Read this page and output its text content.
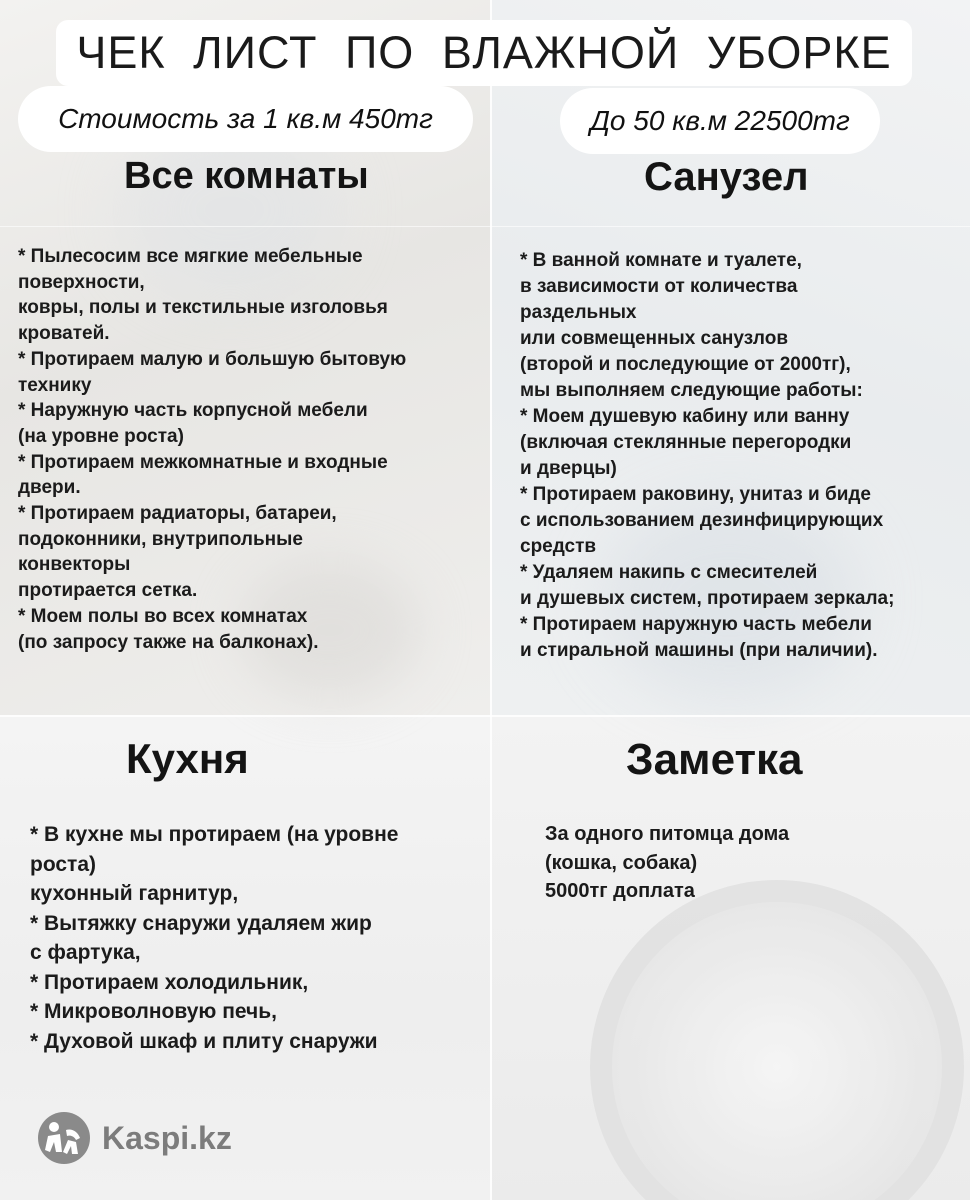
ЧЕК ЛИСТ ПО ВЛАЖНОЙ УБОРКЕ
Стоимость за 1 кв.м 450тг	До 50 кв.м 22500тг
Все комнаты	Санузел
Кухня	Заметка
* Пылесосим все мягкие мебельные
поверхности,
ковры, полы и текстильные изголовья
кроватей.
* Протираем малую и большую бытовую
технику
* Наружную часть корпусной мебели
(на уровне роста)
* Протираем межкомнатные и входные
двери.
* Протираем радиаторы, батареи,
подоконники, внутрипольные
конвекторы
протирается сетка.
* Моем полы во всех комнатах
(по запросу также на балконах).
* В ванной комнате и туалете,
в зависимости от количества
раздельных
или совмещенных санузлов
(второй и последующие от 2000тг),
мы выполняем следующие работы:
* Моем душевую кабину или ванну
(включая стеклянные перегородки
и дверцы)
* Протираем раковину, унитаз и биде
с использованием дезинфицирующих
средств
* Удаляем накипь с смесителей
и душевых систем, протираем зеркала;
* Протираем наружную часть мебели
и стиральной машины (при наличии).
* В кухне мы протираем (на уровне
роста)
кухонный гарнитур,
* Вытяжку снаружи удаляем жир
с фартука,
* Протираем холодильник,
* Микроволновую печь,
* Духовой шкаф и плиту снаружи
За одного питомца дома
(кошка, собака)
5000тг доплата
Kaspi.kz
